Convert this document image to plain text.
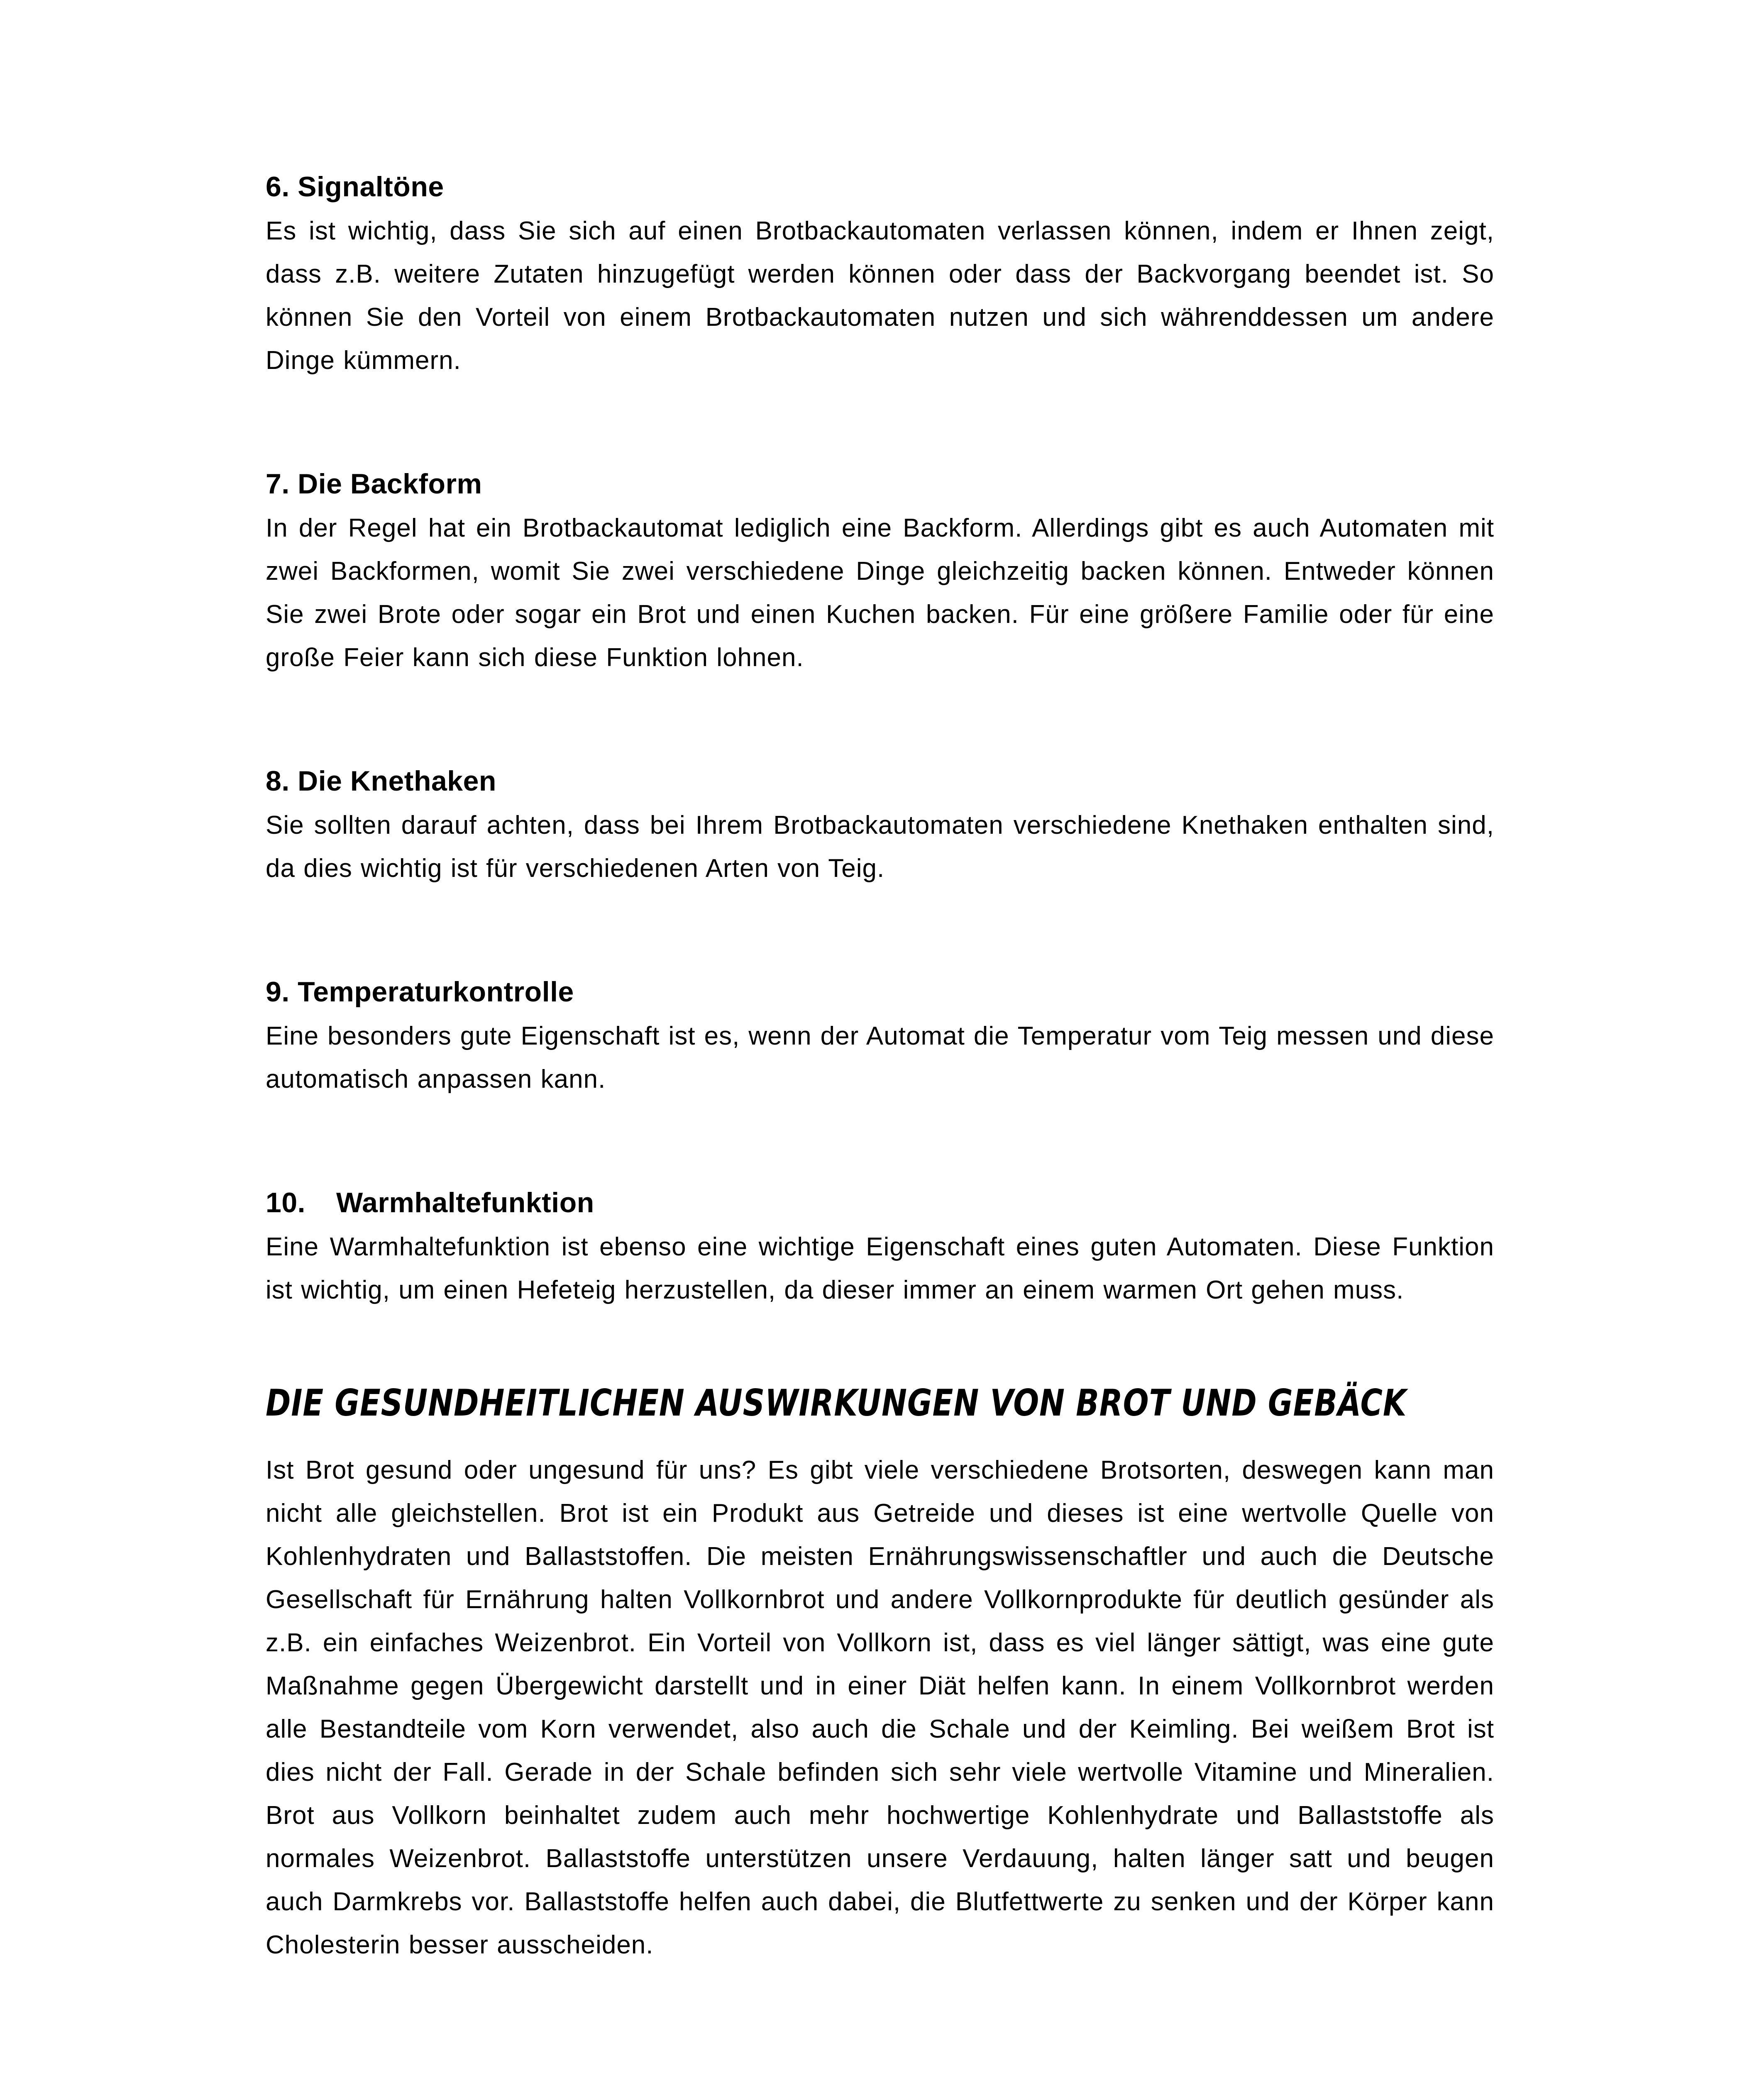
6. Signaltöne

Es ist wichtig, dass Sie sich auf einen Brotbackautomaten verlassen können, indem er Ihnen zeigt, dass z.B. weitere Zutaten hinzugefügt werden können oder dass der Backvorgang beendet ist. So können Sie den Vorteil von einem Brotbackautomaten nutzen und sich währenddessen um andere Dinge kümmern.

7. Die Backform

In der Regel hat ein Brotbackautomat lediglich eine Backform. Allerdings gibt es auch Automaten mit zwei Backformen, womit Sie zwei verschiedene Dinge gleichzeitig backen können. Entweder können Sie zwei Brote oder sogar ein Brot und einen Kuchen backen. Für eine größere Familie oder für eine große Feier kann sich diese Funktion lohnen.

8. Die Knethaken

Sie sollten darauf achten, dass bei Ihrem Brotbackautomaten verschiedene Knethaken enthalten sind, da dies wichtig ist für verschiedenen Arten von Teig.

9. Temperaturkontrolle

Eine besonders gute Eigenschaft ist es, wenn der Automat die Temperatur vom Teig messen und diese automatisch anpassen kann.

10. Warmhaltefunktion

Eine Warmhaltefunktion ist ebenso eine wichtige Eigenschaft eines guten Automaten. Diese Funktion ist wichtig, um einen Hefeteig herzustellen, da dieser immer an einem warmen Ort gehen muss.

DIE GESUNDHEITLICHEN AUSWIRKUNGEN VON BROT UND GEBÄCK

Ist Brot gesund oder ungesund für uns? Es gibt viele verschiedene Brotsorten, deswegen kann man nicht alle gleichstellen. Brot ist ein Produkt aus Getreide und dieses ist eine wertvolle Quelle von Kohlenhydraten und Ballaststoffen. Die meisten Ernährungswissenschaftler und auch die Deutsche Gesellschaft für Ernährung halten Vollkornbrot und andere Vollkornprodukte für deutlich gesünder als z.B. ein einfaches Weizenbrot. Ein Vorteil von Vollkorn ist, dass es viel länger sättigt, was eine gute Maßnahme gegen Übergewicht darstellt und in einer Diät helfen kann. In einem Vollkornbrot werden alle Bestandteile vom Korn verwendet, also auch die Schale und der Keimling. Bei weißem Brot ist dies nicht der Fall. Gerade in der Schale befinden sich sehr viele wertvolle Vitamine und Mineralien. Brot aus Vollkorn beinhaltet zudem auch mehr hochwertige Kohlenhydrate und Ballaststoffe als normales Weizenbrot. Ballaststoffe unterstützen unsere Verdauung, halten länger satt und beugen auch Darmkrebs vor. Ballaststoffe helfen auch dabei, die Blutfettwerte zu senken und der Körper kann Cholesterin besser ausscheiden.
